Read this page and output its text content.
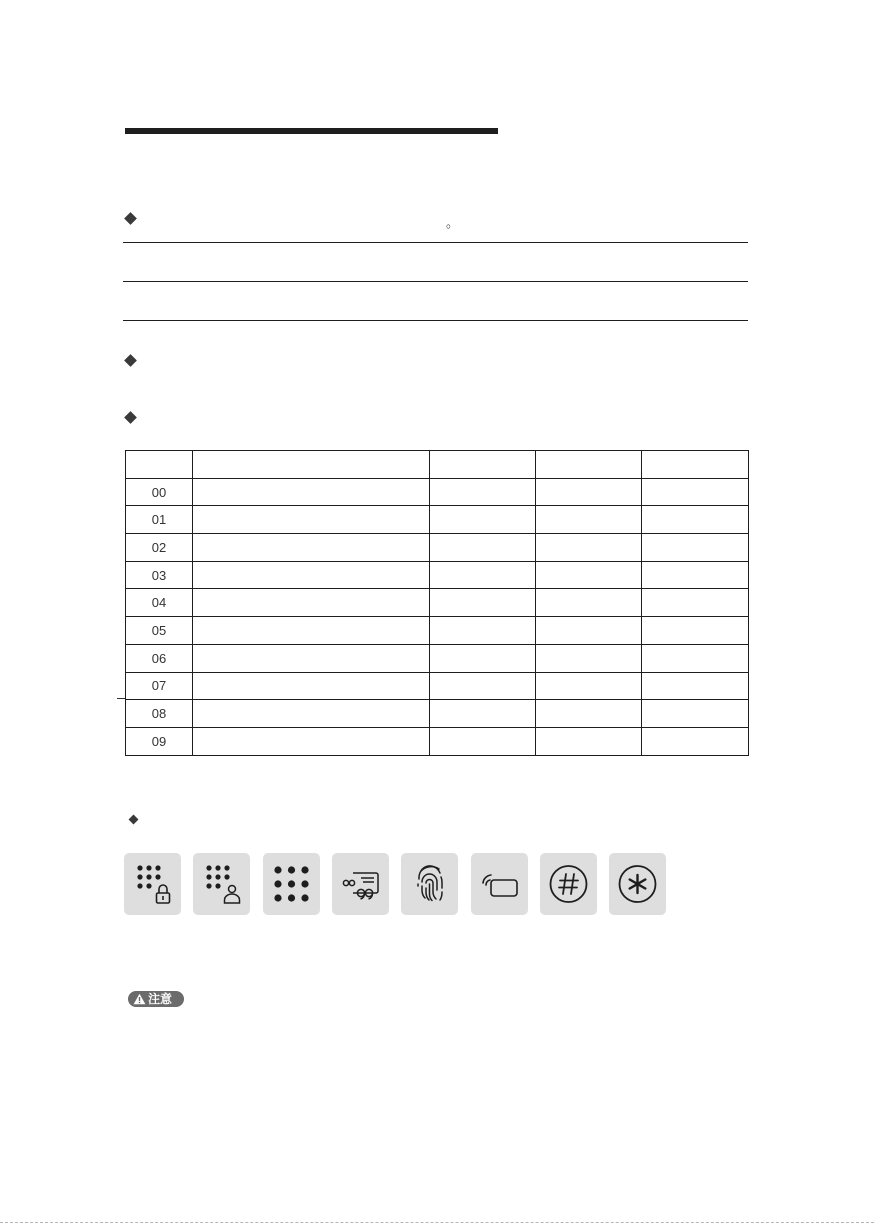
。

00				
01				
02				
03				
04				
05				
06				
07				
08				
09				
注意
